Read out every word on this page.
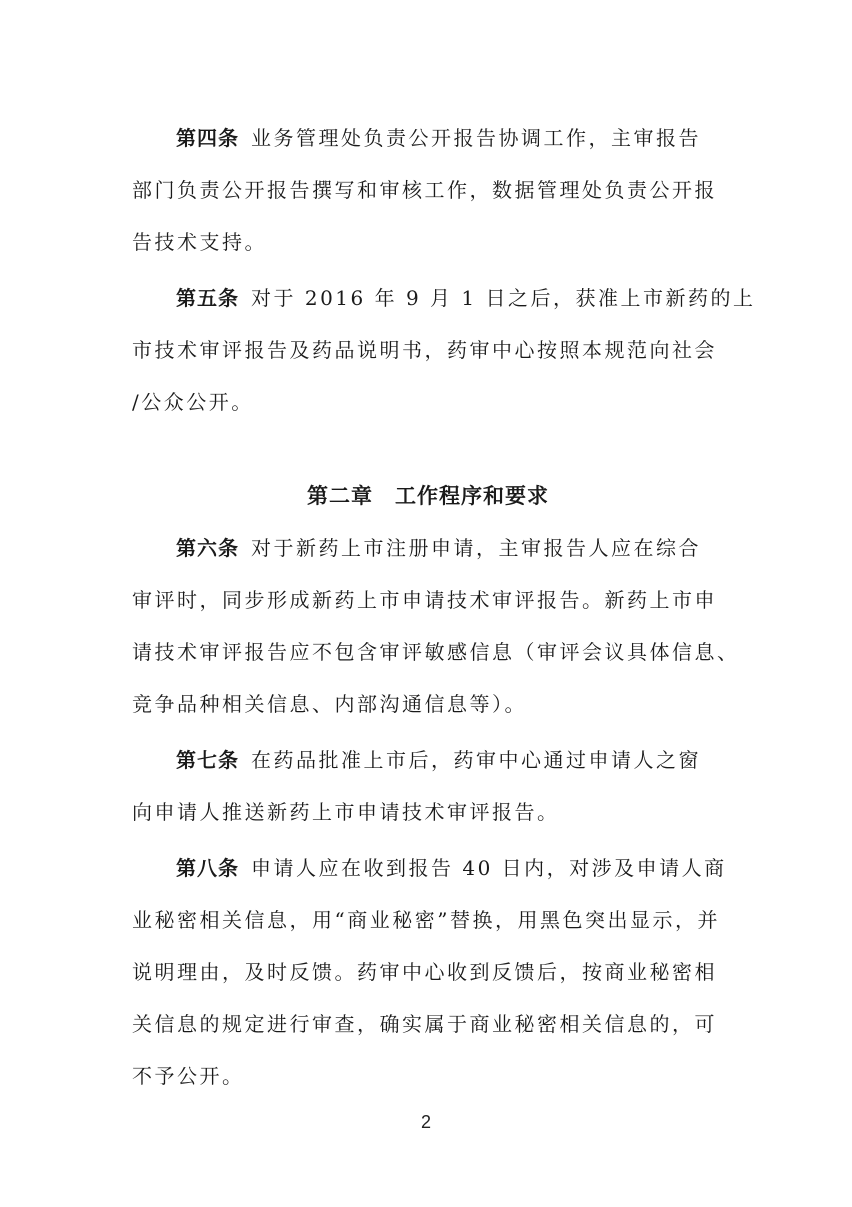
第四条 业务管理处负责公开报告协调工作，主审报告
部门负责公开报告撰写和审核工作，数据管理处负责公开报
告技术支持。
第五条 对于 2016 年 9 月 1 日之后，获准上市新药的上
市技术审评报告及药品说明书，药审中心按照本规范向社会
/公众公开。
第二章　工作程序和要求
第六条 对于新药上市注册申请，主审报告人应在综合
审评时，同步形成新药上市申请技术审评报告。新药上市申
请技术审评报告应不包含审评敏感信息（审评会议具体信息、
竞争品种相关信息、内部沟通信息等）。
第七条 在药品批准上市后，药审中心通过申请人之窗
向申请人推送新药上市申请技术审评报告。
第八条 申请人应在收到报告 40 日内，对涉及申请人商
业秘密相关信息，用“商业秘密”替换，用黑色突出显示，并
说明理由，及时反馈。药审中心收到反馈后，按商业秘密相
关信息的规定进行审查，确实属于商业秘密相关信息的，可
不予公开。
2
